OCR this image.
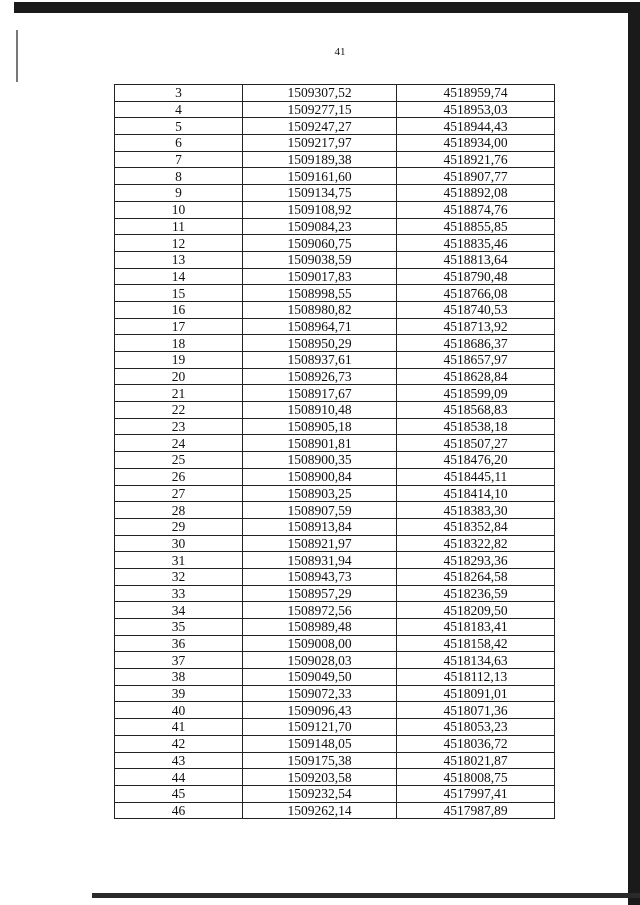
41
3	1509307,52	4518959,74
4	1509277,15	4518953,03
5	1509247,27	4518944,43
6	1509217,97	4518934,00
7	1509189,38	4518921,76
8	1509161,60	4518907,77
9	1509134,75	4518892,08
10	1509108,92	4518874,76
11	1509084,23	4518855,85
12	1509060,75	4518835,46
13	1509038,59	4518813,64
14	1509017,83	4518790,48
15	1508998,55	4518766,08
16	1508980,82	4518740,53
17	1508964,71	4518713,92
18	1508950,29	4518686,37
19	1508937,61	4518657,97
20	1508926,73	4518628,84
21	1508917,67	4518599,09
22	1508910,48	4518568,83
23	1508905,18	4518538,18
24	1508901,81	4518507,27
25	1508900,35	4518476,20
26	1508900,84	4518445,11
27	1508903,25	4518414,10
28	1508907,59	4518383,30
29	1508913,84	4518352,84
30	1508921,97	4518322,82
31	1508931,94	4518293,36
32	1508943,73	4518264,58
33	1508957,29	4518236,59
34	1508972,56	4518209,50
35	1508989,48	4518183,41
36	1509008,00	4518158,42
37	1509028,03	4518134,63
38	1509049,50	4518112,13
39	1509072,33	4518091,01
40	1509096,43	4518071,36
41	1509121,70	4518053,23
42	1509148,05	4518036,72
43	1509175,38	4518021,87
44	1509203,58	4518008,75
45	1509232,54	4517997,41
46	1509262,14	4517987,89
